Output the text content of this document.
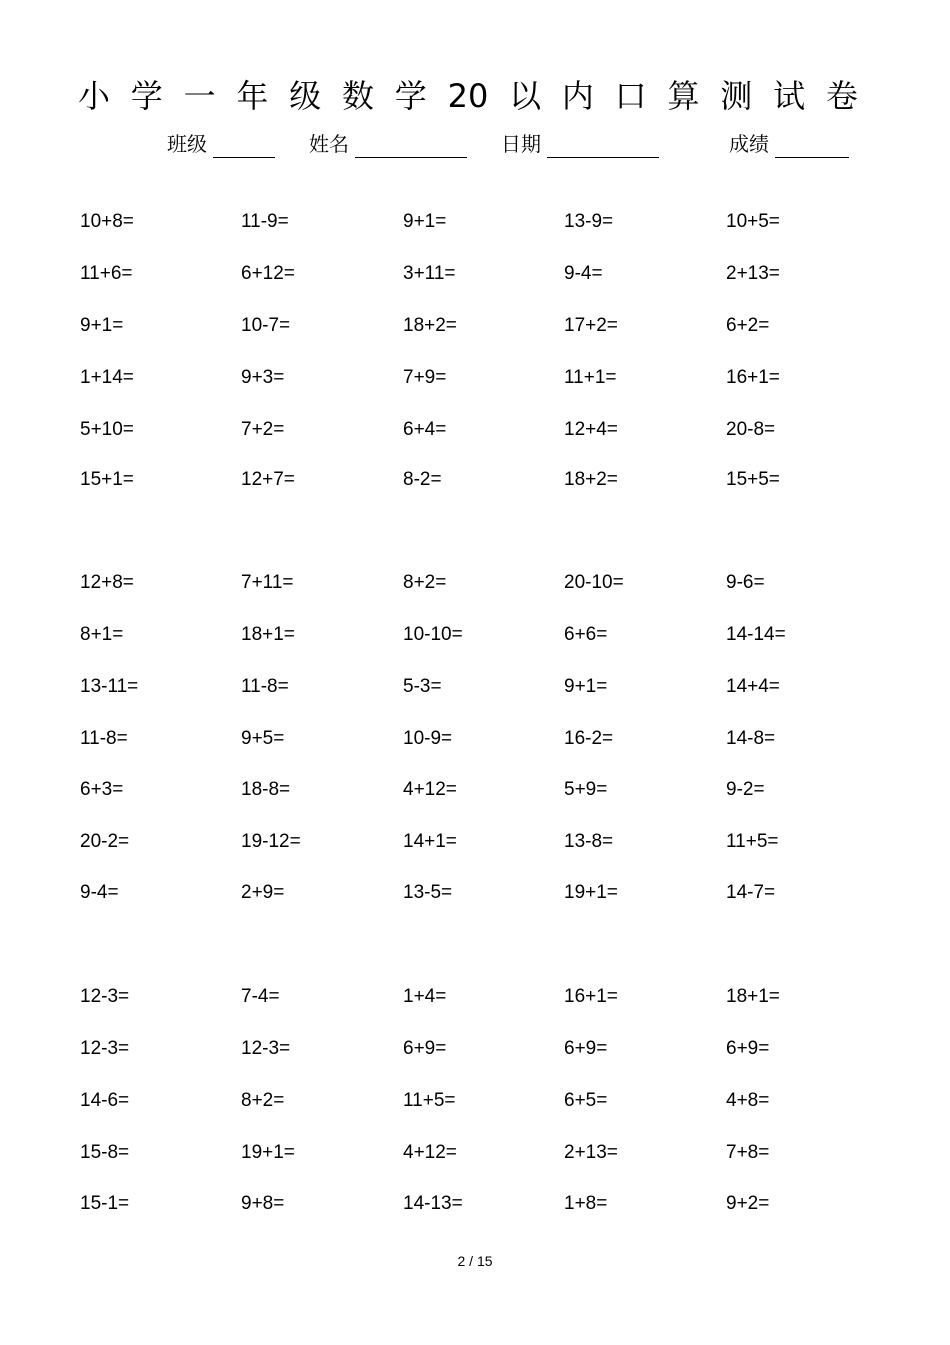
小 学 一 年 级 数 学 20 以 内 口 算 测 试 卷
班级	姓名	日期	成绩
10+8=	11-9=	9+1=	13-9=	10+5=
11+6=	6+12=	3+11=	9-4=	2+13=
9+1=	10-7=	18+2=	17+2=	6+2=
1+14=	9+3=	7+9=	11+1=	16+1=
5+10=	7+2=	6+4=	12+4=	20-8=
15+1=	12+7=	8-2=	18+2=	15+5=
12+8=	7+11=	8+2=	20-10=	9-6=
8+1=	18+1=	10-10=	6+6=	14-14=
13-11=	11-8=	5-3=	9+1=	14+4=
11-8=	9+5=	10-9=	16-2=	14-8=
6+3=	18-8=	4+12=	5+9=	9-2=
20-2=	19-12=	14+1=	13-8=	11+5=
9-4=	2+9=	13-5=	19+1=	14-7=
12-3=	7-4=	1+4=	16+1=	18+1=
12-3=	12-3=	6+9=	6+9=	6+9=
14-6=	8+2=	11+5=	6+5=	4+8=
15-8=	19+1=	4+12=	2+13=	7+8=
15-1=	9+8=	14-13=	1+8=	9+2=
2 / 15
